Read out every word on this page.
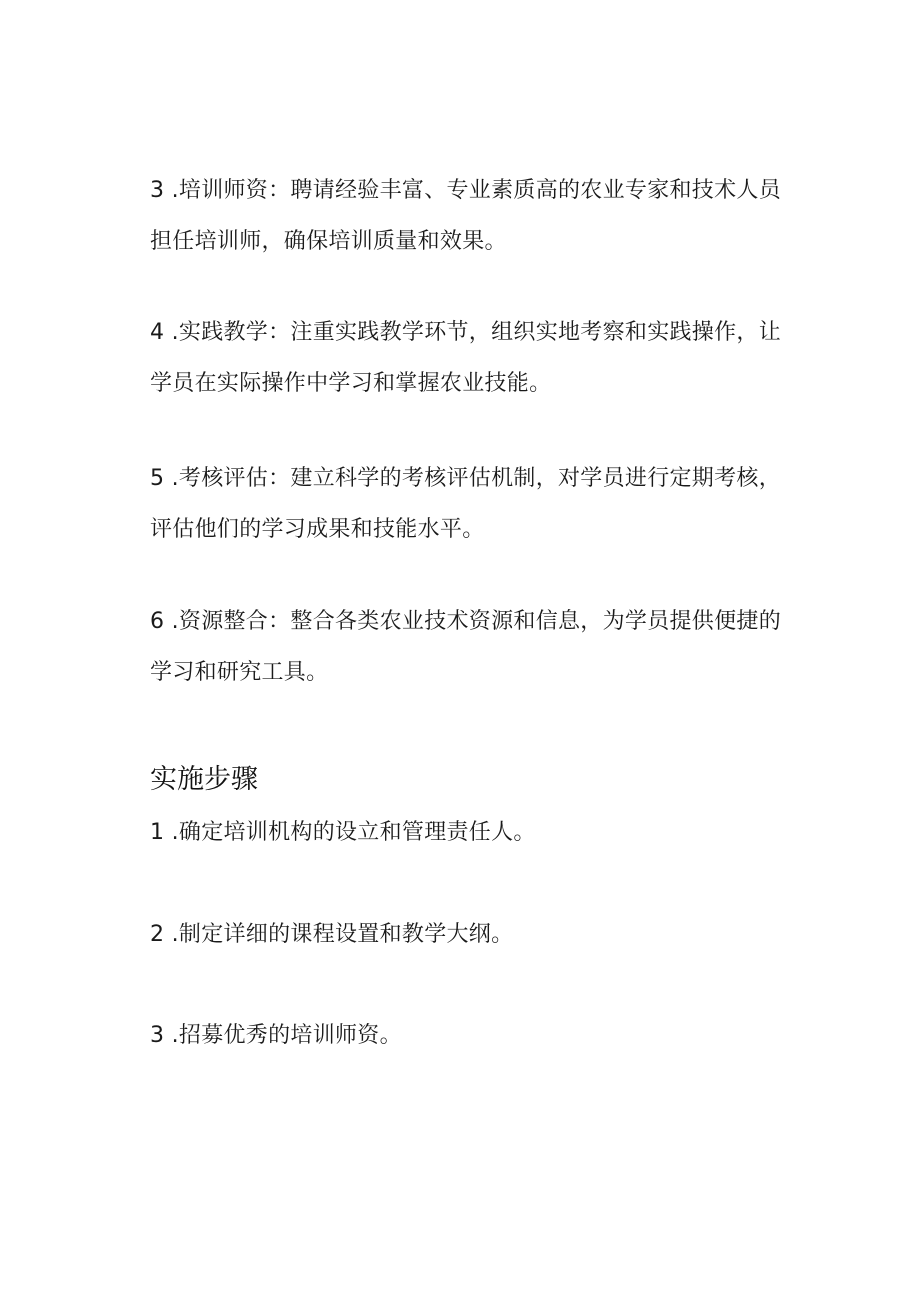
3 .培训师资：聘请经验丰富、专业素质高的农业专家和技术人员
担任培训师，确保培训质量和效果。

4 .实践教学：注重实践教学环节，组织实地考察和实践操作，让
学员在实际操作中学习和掌握农业技能。

5 .考核评估：建立科学的考核评估机制，对学员进行定期考核，
评估他们的学习成果和技能水平。

6 .资源整合：整合各类农业技术资源和信息，为学员提供便捷的
学习和研究工具。

实施步骤

1 .确定培训机构的设立和管理责任人。

2 .制定详细的课程设置和教学大纲。

3 .招募优秀的培训师资。
